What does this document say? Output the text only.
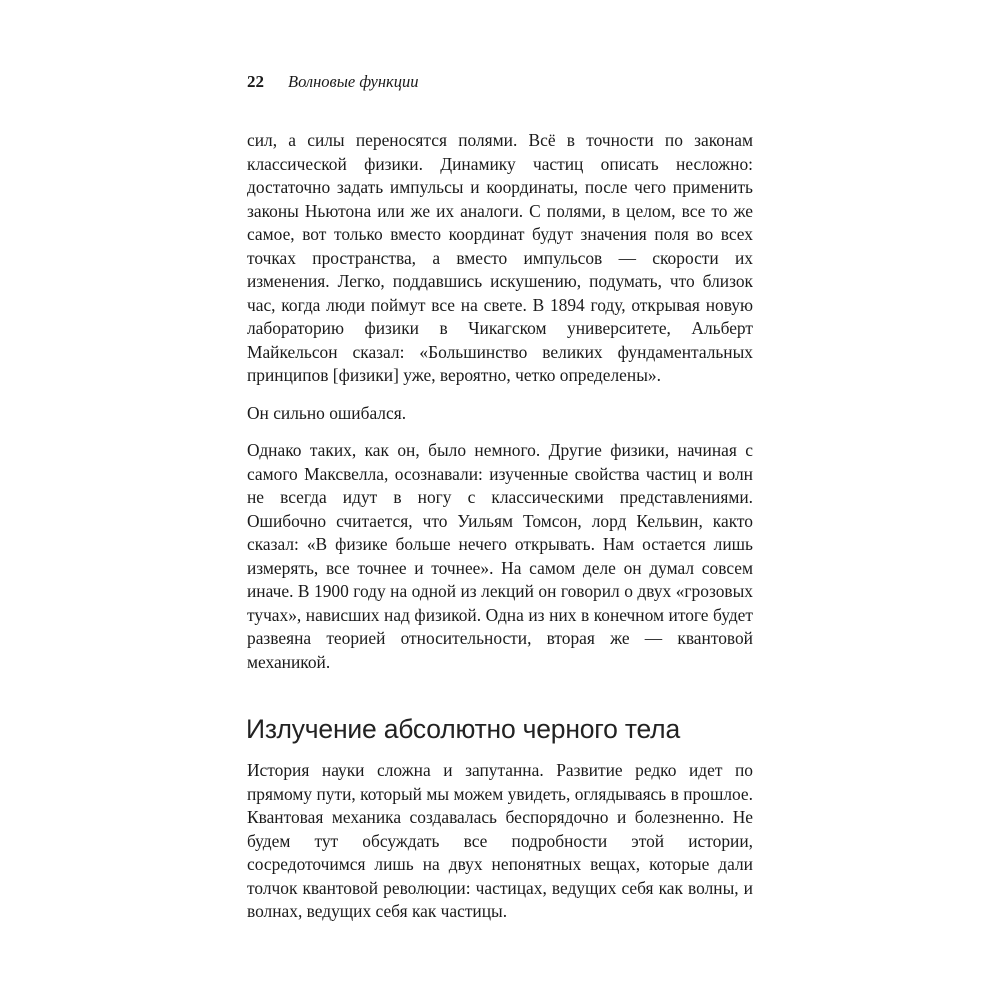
22 Волновые функции

сил, а силы переносятся полями. Всё в точности по законам классической физики. Динамику частиц описать несложно: достаточно задать импульсы и координаты, после чего применить законы Ньютона или же их аналоги. С полями, в целом, все то же самое, вот только вместо координат будут значения поля во всех точках пространства, а вместо импульсов — скорости их изменения. Легко, поддавшись искушению, подумать, что близок час, когда люди поймут все на свете. В 1894 году, открывая новую лабораторию физики в Чикагском университете, Альберт Майкельсон сказал: «Большинство великих фундаментальных принципов [физики] уже, вероятно, четко определены».

Он сильно ошибался.

Однако таких, как он, было немного. Другие физики, начиная с самого Максвелла, осознавали: изученные свойства частиц и волн не всегда идут в ногу с классическими представлениями. Ошибочно считается, что Уильям Томсон, лорд Кельвин, както сказал: «В физике больше нечего открывать. Нам остается лишь измерять, все точнее и точнее». На самом деле он думал совсем иначе. В 1900 году на одной из лекций он говорил о двух «грозовых тучах», нависших над физикой. Одна из них в конечном итоге будет развеяна теорией относительности, вторая же — квантовой механикой.

Излучение абсолютно черного тела

История науки сложна и запутанна. Развитие редко идет по прямому пути, который мы можем увидеть, оглядываясь в прошлое. Квантовая механика создавалась беспорядочно и болезненно. Не будем тут обсуждать все подробности этой истории, сосредоточимся лишь на двух непонятных вещах, которые дали толчок квантовой революции: частицах, ведущих себя как волны, и волнах, ведущих себя как частицы.
